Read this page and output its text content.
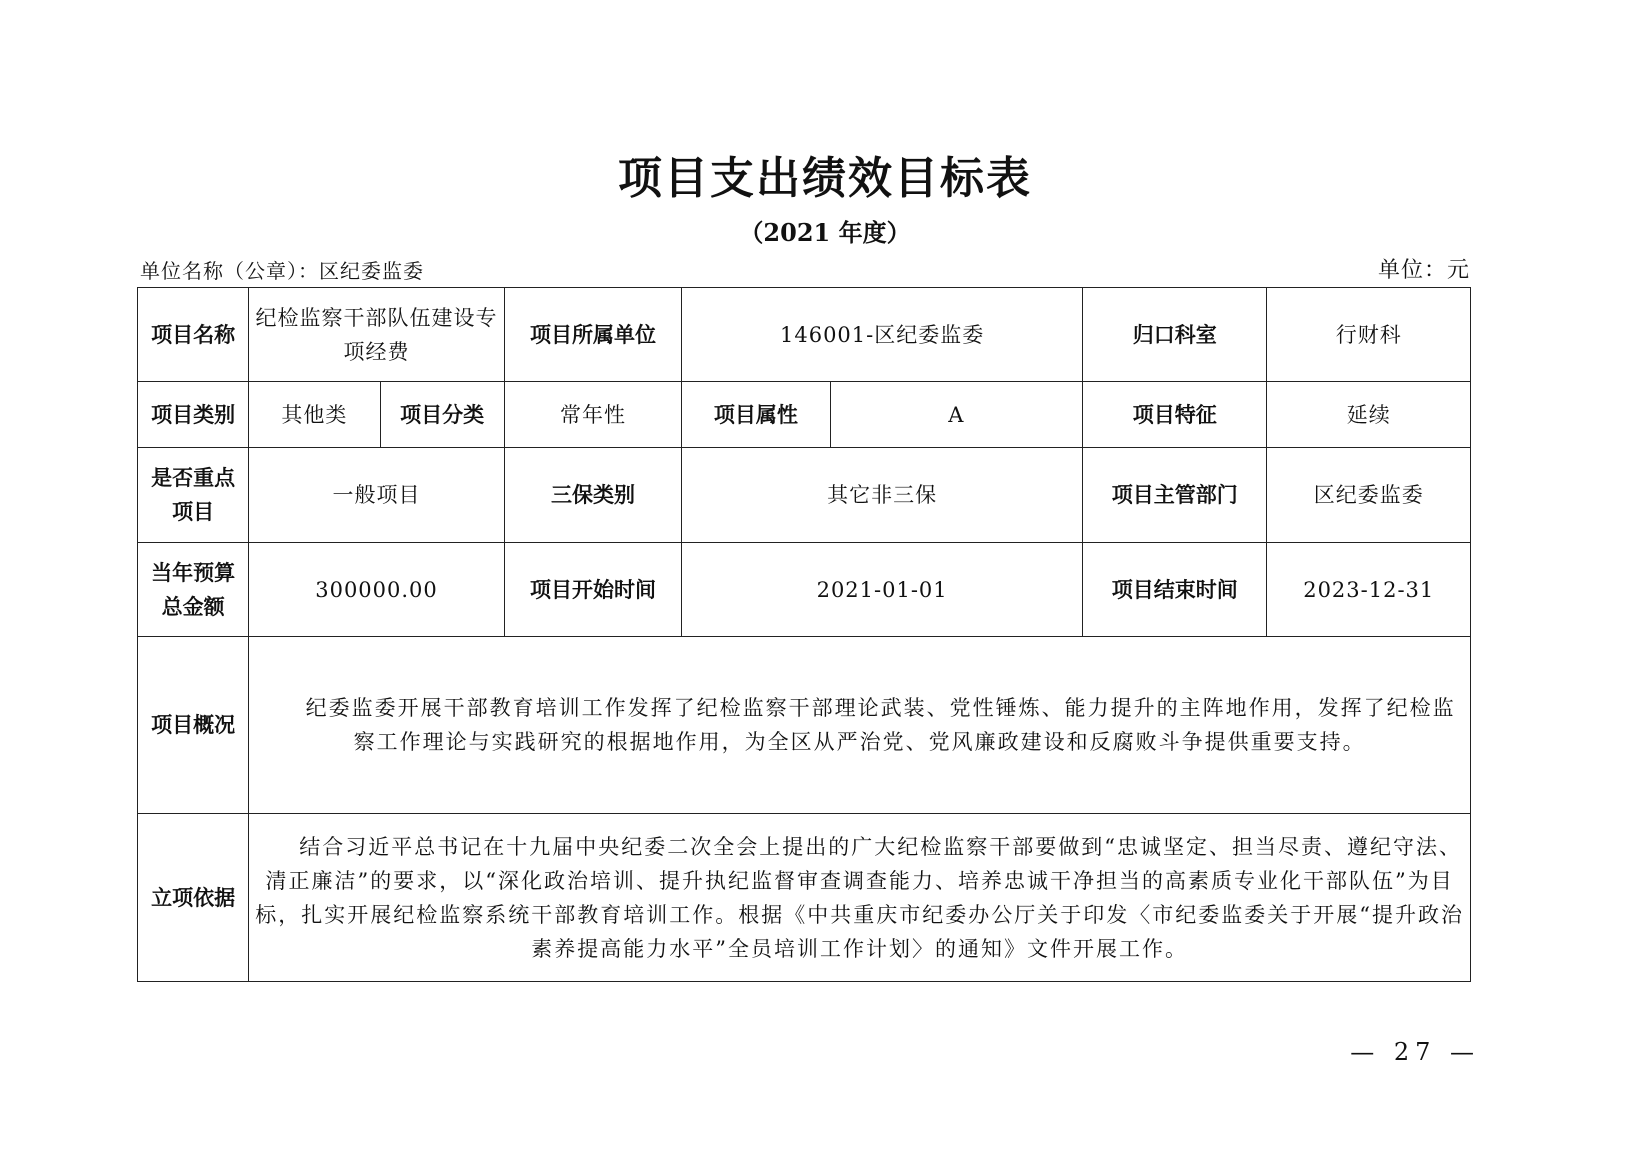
项目支出绩效目标表
（2021 年度）
单位名称（公章）：区纪委监委	单位：元
项目名称	纪检监察干部队伍建设专项经费		项目所属单位	146001-区纪委监委		归口科室	行财科
项目类别	其他类	项目分类	常年性	项目属性	A	项目特征	延续
是否重点项目	一般项目		三保类别	其它非三保		项目主管部门	区纪委监委
当年预算总金额	300000.00		项目开始时间	2021-01-01		项目结束时间	2023-12-31
项目概况	纪委监委开展干部教育培训工作发挥了纪检监察干部理论武装、党性锤炼、能力提升的主阵地作用，发挥了纪检监察工作理论与实践研究的根据地作用，为全区从严治党、党风廉政建设和反腐败斗争提供重要支持。						

立项依据	结合习近平总书记在十九届中央纪委二次全会上提出的广大纪检监察干部要做到“忠诚坚定、担当尽责、遵纪守法、清正廉洁”的要求，以“深化政治培训、提升执纪监督审查调查能力、培养忠诚干净担当的高素质专业化干部队伍”为目标，扎实开展纪检监察系统干部教育培训工作。根据《中共重庆市纪委办公厅关于印发〈市纪委监委关于开展“提升政治素养提高能力水平”全员培训工作计划〉的通知》文件开展工作。						

— 27 —
